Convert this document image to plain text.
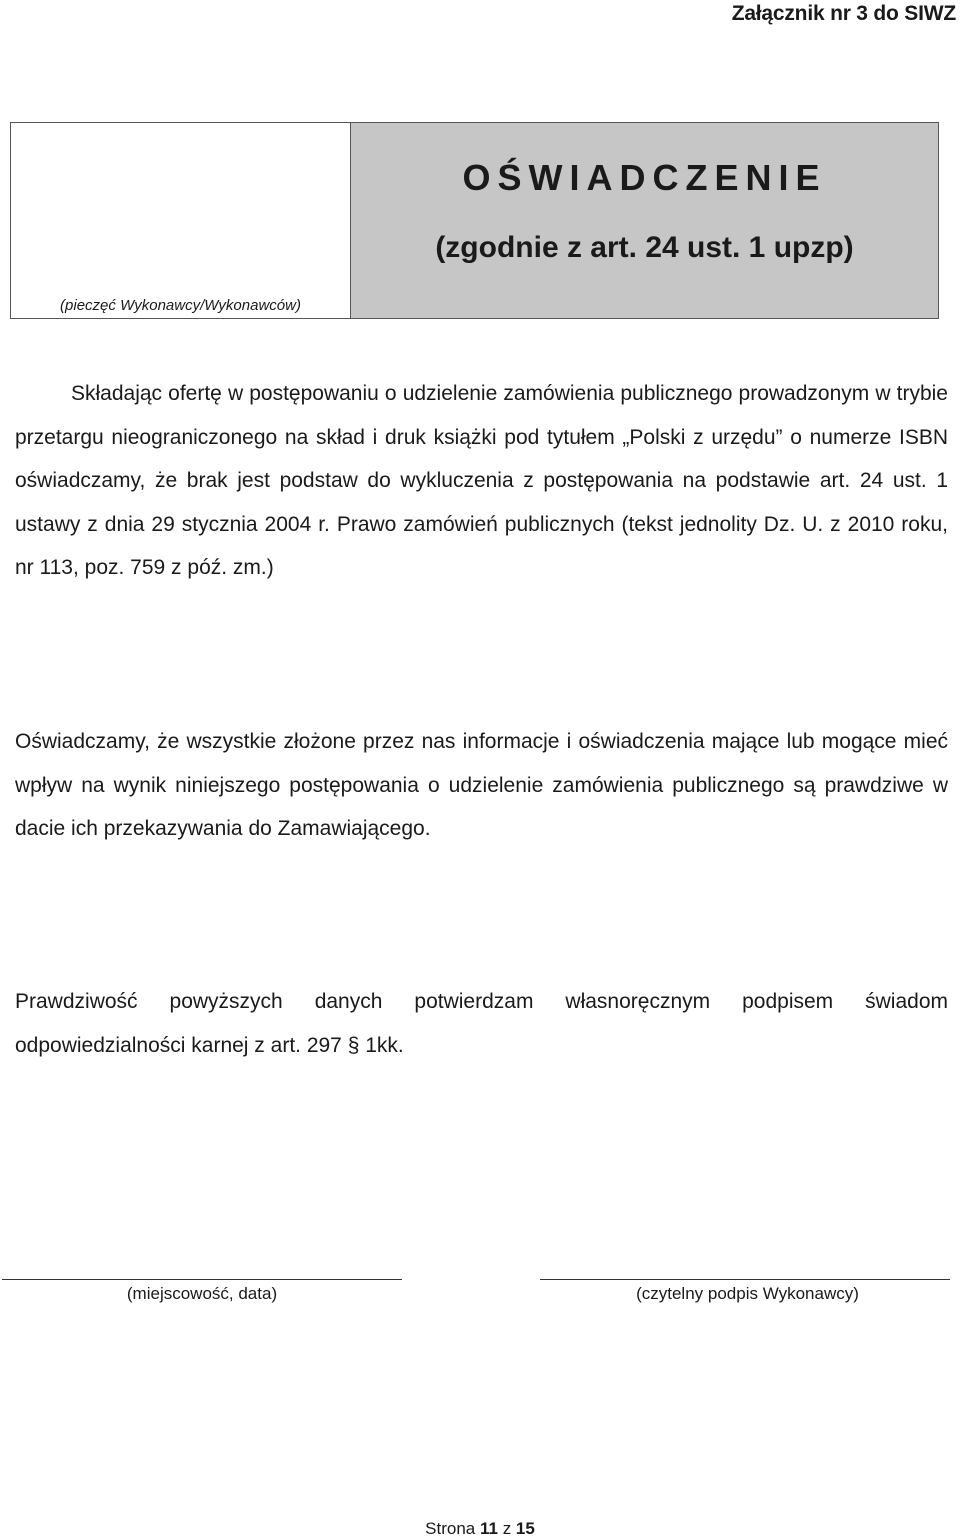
Załącznik nr 3 do SIWZ
(pieczęć Wykonawcy/Wykonawców)
OŚWIADCZENIE
(zgodnie z art. 24 ust. 1 upzp)

Składając ofertę w postępowaniu o udzielenie zamówienia publicznego prowadzonym w trybie przetargu nieograniczonego na skład i druk książki pod tytułem „Polski z urzędu” o numerze ISBN oświadczamy, że brak jest podstaw do wykluczenia z postępowania na podstawie art. 24 ust. 1 ustawy z dnia 29 stycznia 2004 r. Prawo zamówień publicznych (tekst jednolity Dz. U. z 2010 roku, nr 113, poz. 759 z póź. zm.)

Oświadczamy, że wszystkie złożone przez nas informacje i oświadczenia mające lub mogące mieć wpływ na wynik niniejszego postępowania o udzielenie zamówienia publicznego są prawdziwe w dacie ich przekazywania do Zamawiającego.

Prawdziwość powyższych danych potwierdzam własnoręcznym podpisem świadom odpowiedzialności karnej z art. 297 § 1kk.

(miejscowość, data)	(czytelny podpis Wykonawcy)
Strona 11 z 15
